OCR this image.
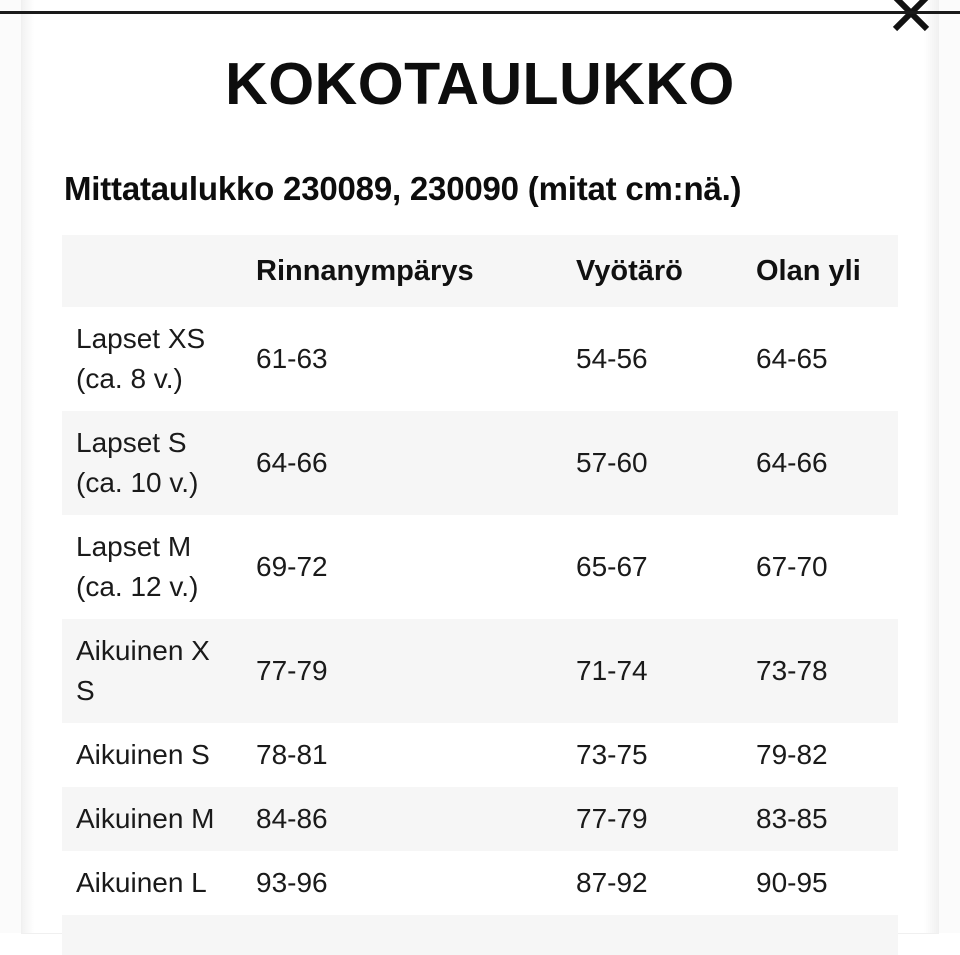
KOKOTAULUKKO
Mittataulukko 230089, 230090 (mitat cm:nä.)
	Rinnanympärys	Vyötärö	Olan yli
Lapset XS
(ca. 8 v.)	61-63	54-56	64-65
Lapset S
(ca. 10 v.)	64-66	57-60	64-66
Lapset M
(ca. 12 v.)	69-72	65-67	67-70
Aikuinen X
S	77-79	71-74	73-78
Aikuinen S	78-81	73-75	79-82
Aikuinen M	84-86	77-79	83-85
Aikuinen L	93-96	87-92	90-95
